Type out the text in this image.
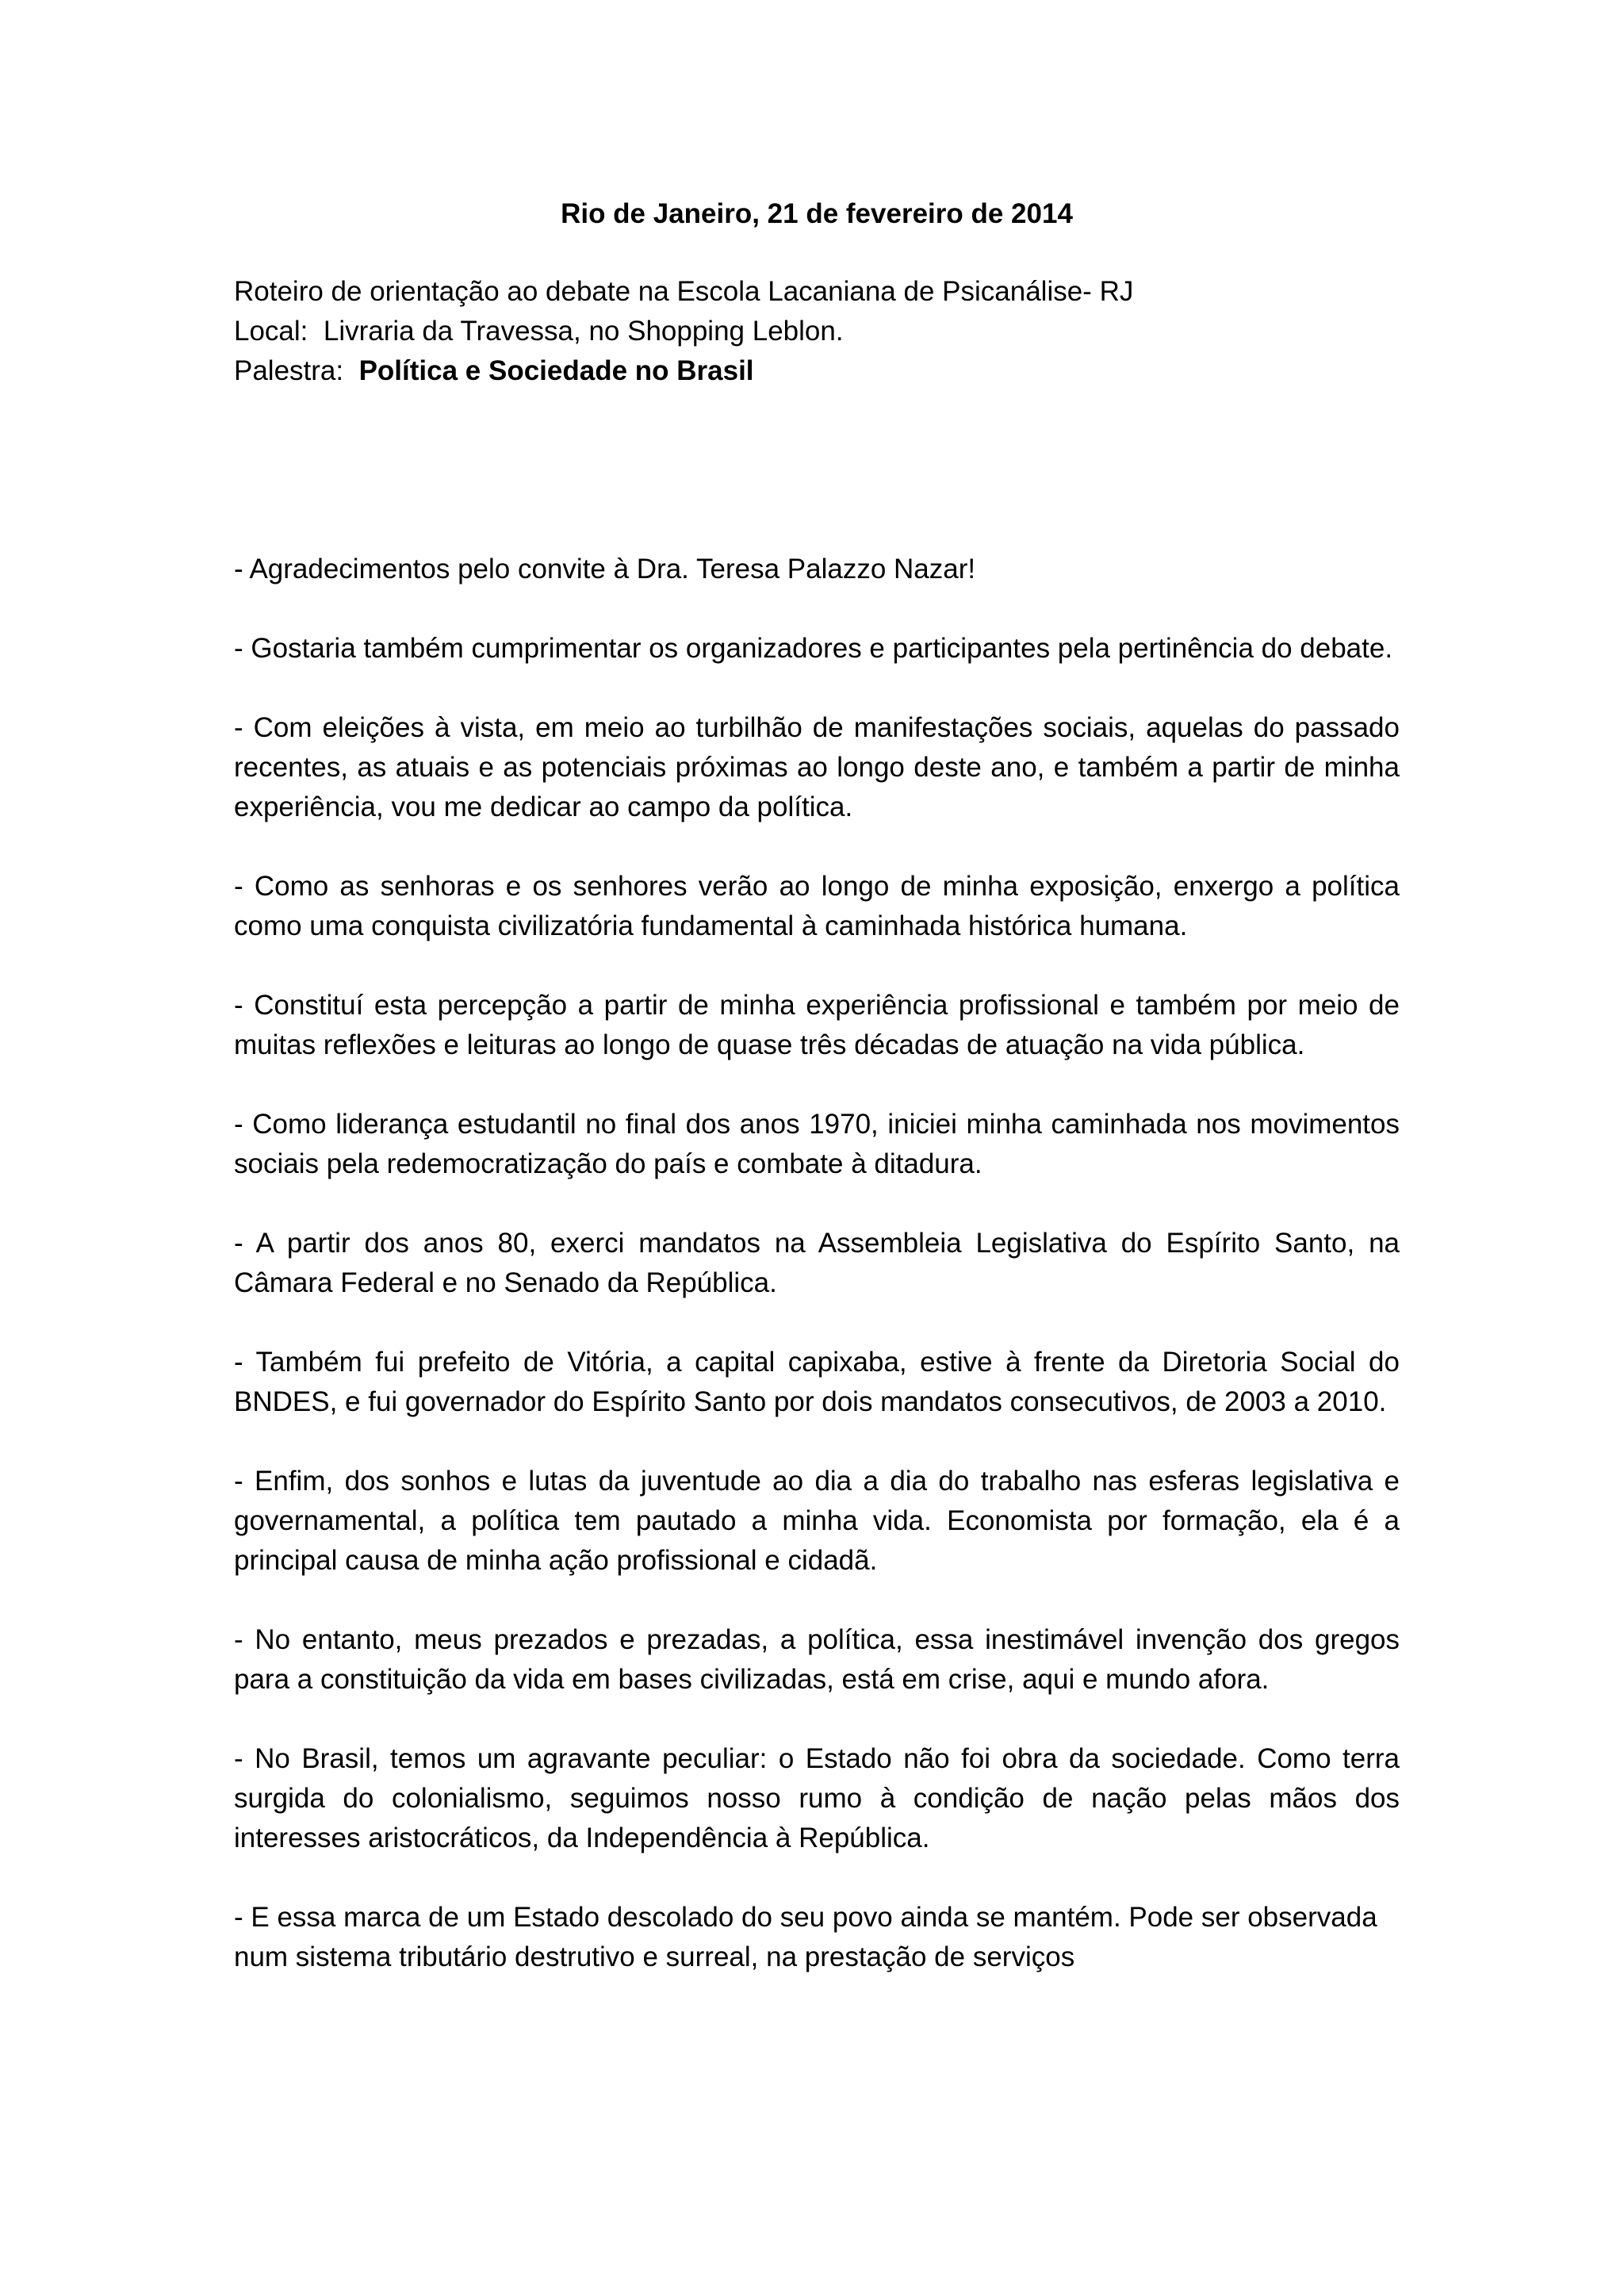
Rio de Janeiro, 21 de fevereiro de 2014
Roteiro de orientação ao debate na Escola Lacaniana de Psicanálise- RJ
Local: Livraria da Travessa, no Shopping Leblon.
Palestra: Política e Sociedade no Brasil

- Agradecimentos pelo convite à Dra. Teresa Palazzo Nazar!

- Gostaria também cumprimentar os organizadores e participantes pela pertinência do debate.

- Com eleições à vista, em meio ao turbilhão de manifestações sociais, aquelas do passado recentes, as atuais e as potenciais próximas ao longo deste ano, e também a partir de minha experiência, vou me dedicar ao campo da política.

- Como as senhoras e os senhores verão ao longo de minha exposição, enxergo a política como uma conquista civilizatória fundamental à caminhada histórica humana.

- Constituí esta percepção a partir de minha experiência profissional e também por meio de muitas reflexões e leituras ao longo de quase três décadas de atuação na vida pública.

- Como liderança estudantil no final dos anos 1970, iniciei minha caminhada nos movimentos sociais pela redemocratização do país e combate à ditadura.

- A partir dos anos 80, exerci mandatos na Assembleia Legislativa do Espírito Santo, na Câmara Federal e no Senado da República.

- Também fui prefeito de Vitória, a capital capixaba, estive à frente da Diretoria Social do BNDES, e fui governador do Espírito Santo por dois mandatos consecutivos, de 2003 a 2010.

- Enfim, dos sonhos e lutas da juventude ao dia a dia do trabalho nas esferas legislativa e governamental, a política tem pautado a minha vida. Economista por formação, ela é a principal causa de minha ação profissional e cidadã.

- No entanto, meus prezados e prezadas, a política, essa inestimável invenção dos gregos para a constituição da vida em bases civilizadas, está em crise, aqui e mundo afora.

- No Brasil, temos um agravante peculiar: o Estado não foi obra da sociedade. Como terra surgida do colonialismo, seguimos nosso rumo à condição de nação pelas mãos dos interesses aristocráticos, da Independência à República.

- E essa marca de um Estado descolado do seu povo ainda se mantém. Pode ser observada num sistema tributário destrutivo e surreal, na prestação de serviços
